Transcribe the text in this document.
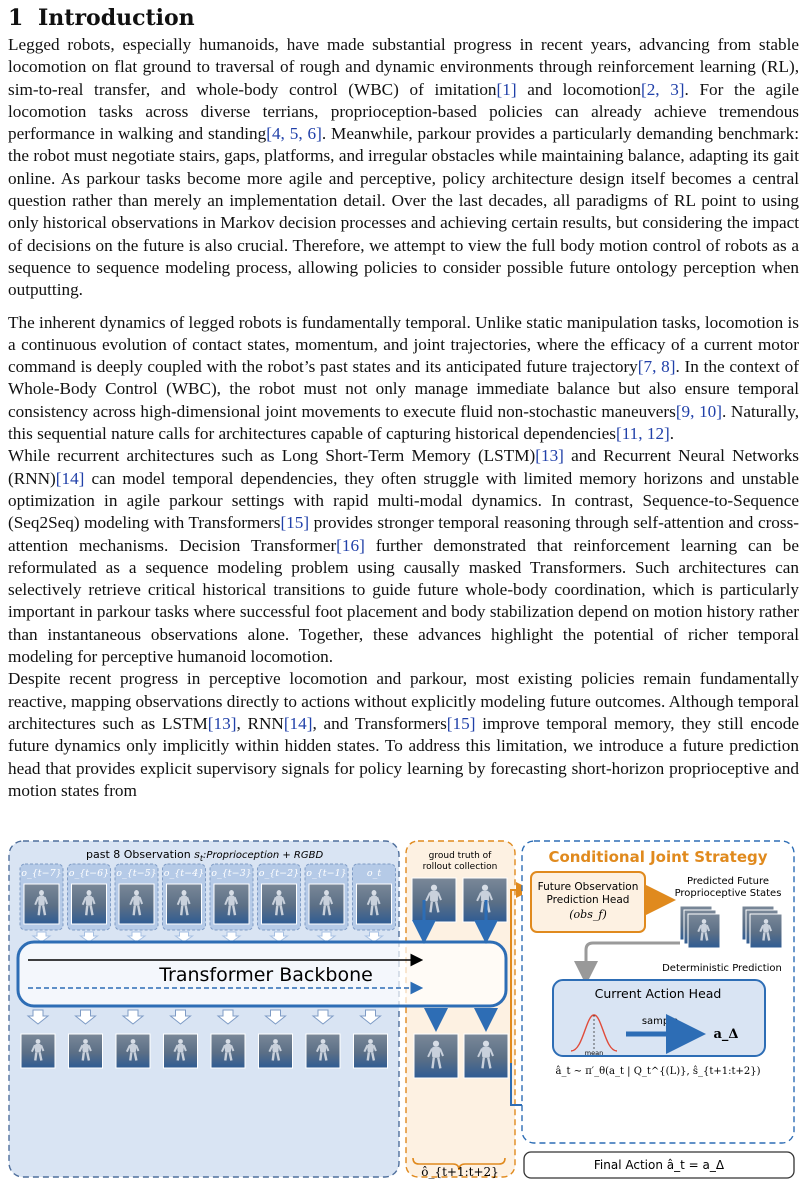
1 Introduction

Legged robots, especially humanoids, have made substantial progress in recent years, advancing from stable locomotion on flat ground to traversal of rough and dynamic environments through reinforcement learning (RL), sim-to-real transfer, and whole-body control (WBC) of imitation[1] and locomotion[2, 3]. For the agile locomotion tasks across diverse terrians, proprioception-based policies can already achieve tremendous performance in walking and standing[4, 5, 6]. Meanwhile, parkour provides a particularly demanding benchmark: the robot must negotiate stairs, gaps, platforms, and irregular obstacles while maintaining balance, adapting its gait online. As parkour tasks become more agile and perceptive, policy architecture design itself becomes a central question rather than merely an implementation detail. Over the last decades, all paradigms of RL point to using only historical observations in Markov decision processes and achieving certain results, but considering the impact of decisions on the future is also crucial. Therefore, we attempt to view the full body motion control of robots as a sequence to sequence modeling process, allowing policies to consider possible future ontology perception when outputting.

The inherent dynamics of legged robots is fundamentally temporal. Unlike static manipulation tasks, locomotion is a continuous evolution of contact states, momentum, and joint trajectories, where the efficacy of a current motor command is deeply coupled with the robot’s past states and its anticipated future trajectory[7, 8]. In the context of Whole-Body Control (WBC), the robot must not only manage immediate balance but also ensure temporal consistency across high-dimensional joint movements to execute fluid non-stochastic maneuvers[9, 10]. Naturally, this sequential nature calls for architectures capable of capturing historical dependencies[11, 12].

While recurrent architectures such as Long Short-Term Memory (LSTM)[13] and Recurrent Neural Networks (RNN)[14] can model temporal dependencies, they often struggle with limited memory horizons and unstable optimization in agile parkour settings with rapid multi-modal dynamics. In contrast, Sequence-to-Sequence (Seq2Seq) modeling with Transformers[15] provides stronger temporal reasoning through self-attention and cross-attention mechanisms. Decision Transformer[16] further demonstrated that reinforcement learning can be reformulated as a sequence modeling problem using causally masked Transformers. Such architectures can selectively retrieve critical historical transitions to guide future whole-body coordination, which is particularly important in parkour tasks where successful foot placement and body stabilization depend on motion history rather than instantaneous observations alone. Together, these advances highlight the potential of richer temporal modeling for perceptive humanoid locomotion.

Despite recent progress in perceptive locomotion and parkour, most existing policies remain fundamentally reactive, mapping observations directly to actions without explicitly modeling future outcomes. Although temporal architectures such as LSTM[13], RNN[14], and Transformers[15] improve temporal memory, they still encode future dynamics only implicitly within hidden states. To address this limitation, we introduce a future prediction head that provides explicit supervisory signals for policy learning by forecasting short-horizon proprioceptive and motion states from

past 8 Observation $s_t:Proprioception$ + RGBD
o_{t−7} o_{t−6} o_{t−5} o_{t−4} o_{t−3} o_{t−2} o_{t−1} o_t
groud truth of
rollout collection
Transformer Backbone
ô_{t+1:t+2}
Conditional Joint Strategy
Future Observation
Prediction Head
(obs_f)
Predicted Future
Proprioceptive States
Deterministic Prediction
Current Action Head
mean
sample
a_Δ
â_t ∼ π′_θ(a_t | Q_t^{(L)}, ŝ_{t+1:t+2})
Final Action â_t = a_Δ
